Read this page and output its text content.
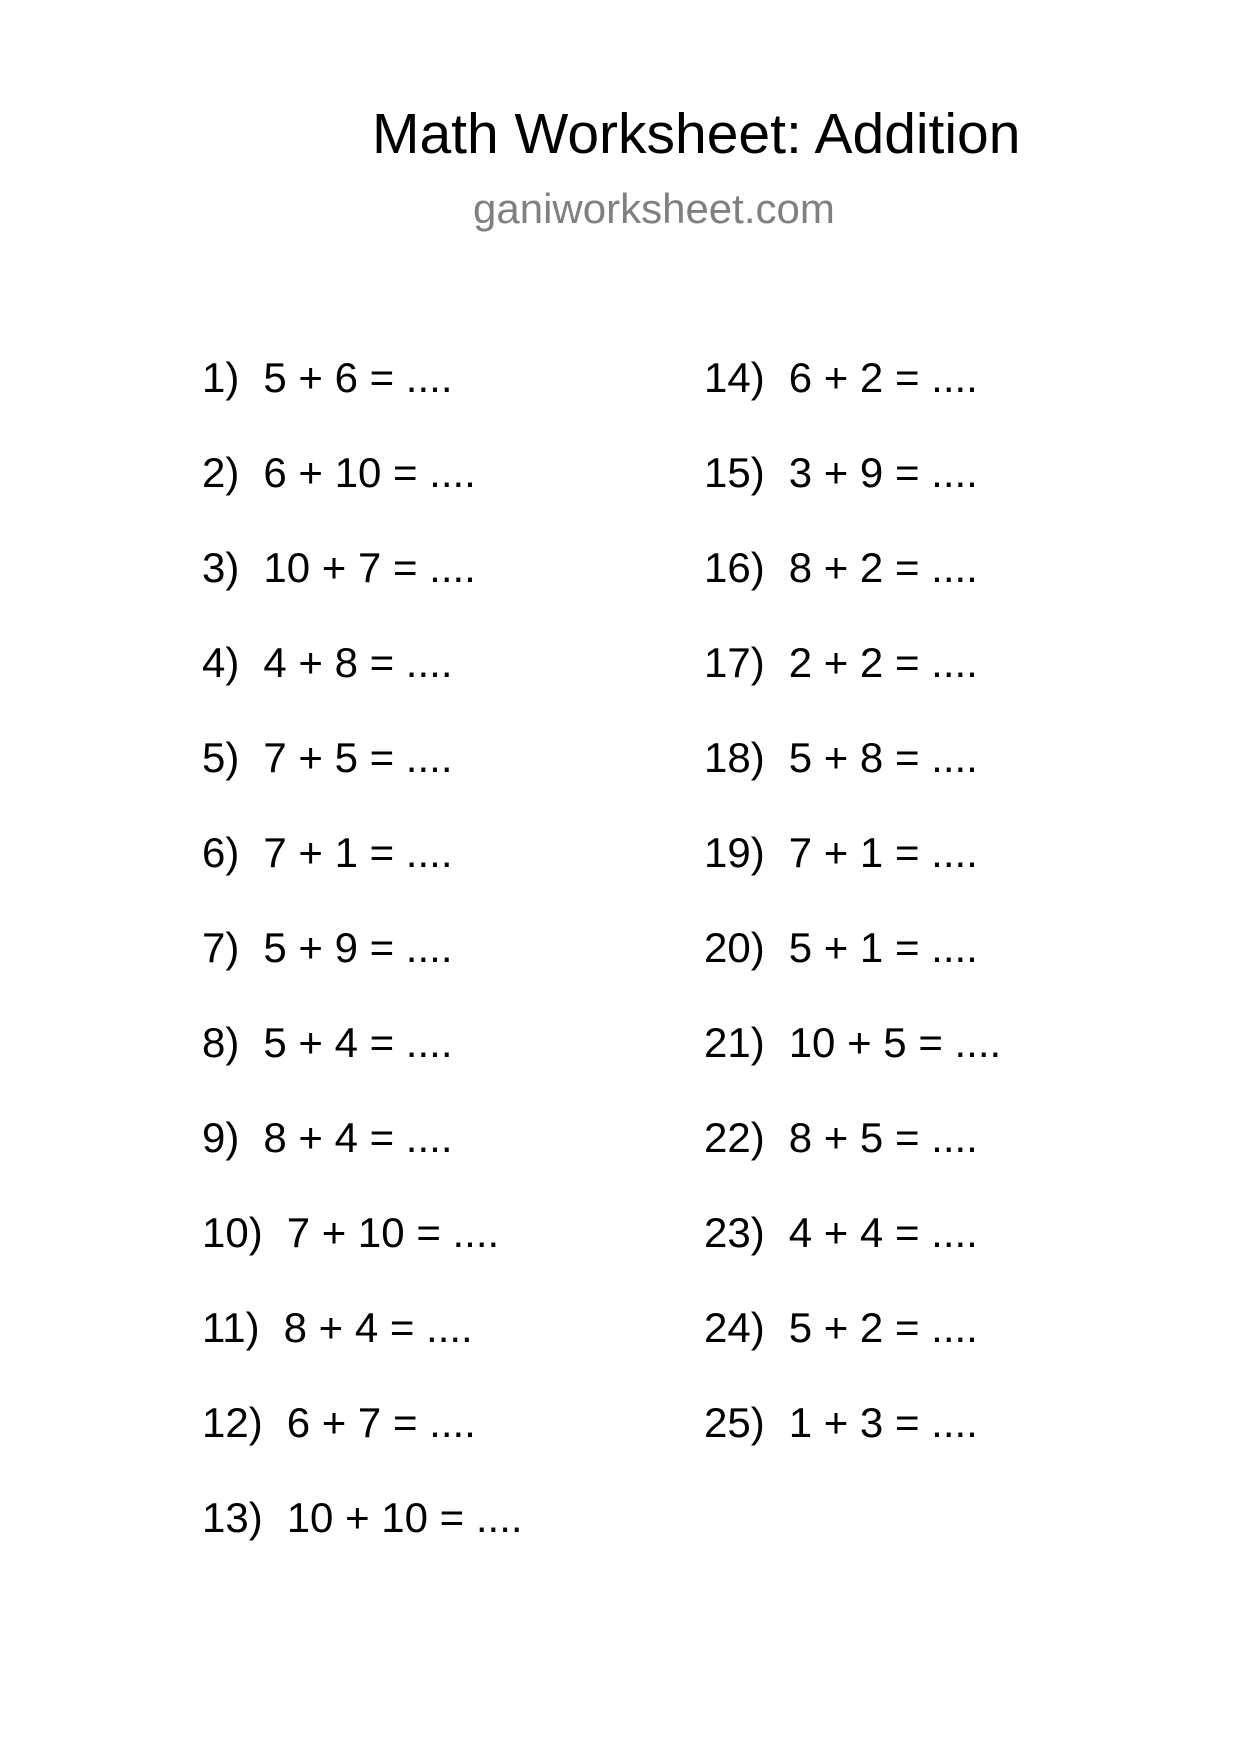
Math Worksheet: Addition
ganiworksheet.com
1) 5 + 6 = ....
2) 6 + 10 = ....
3) 10 + 7 = ....
4) 4 + 8 = ....
5) 7 + 5 = ....
6) 7 + 1 = ....
7) 5 + 9 = ....
8) 5 + 4 = ....
9) 8 + 4 = ....
10) 7 + 10 = ....
11) 8 + 4 = ....
12) 6 + 7 = ....
13) 10 + 10 = ....
14) 6 + 2 = ....
15) 3 + 9 = ....
16) 8 + 2 = ....
17) 2 + 2 = ....
18) 5 + 8 = ....
19) 7 + 1 = ....
20) 5 + 1 = ....
21) 10 + 5 = ....
22) 8 + 5 = ....
23) 4 + 4 = ....
24) 5 + 2 = ....
25) 1 + 3 = ....
